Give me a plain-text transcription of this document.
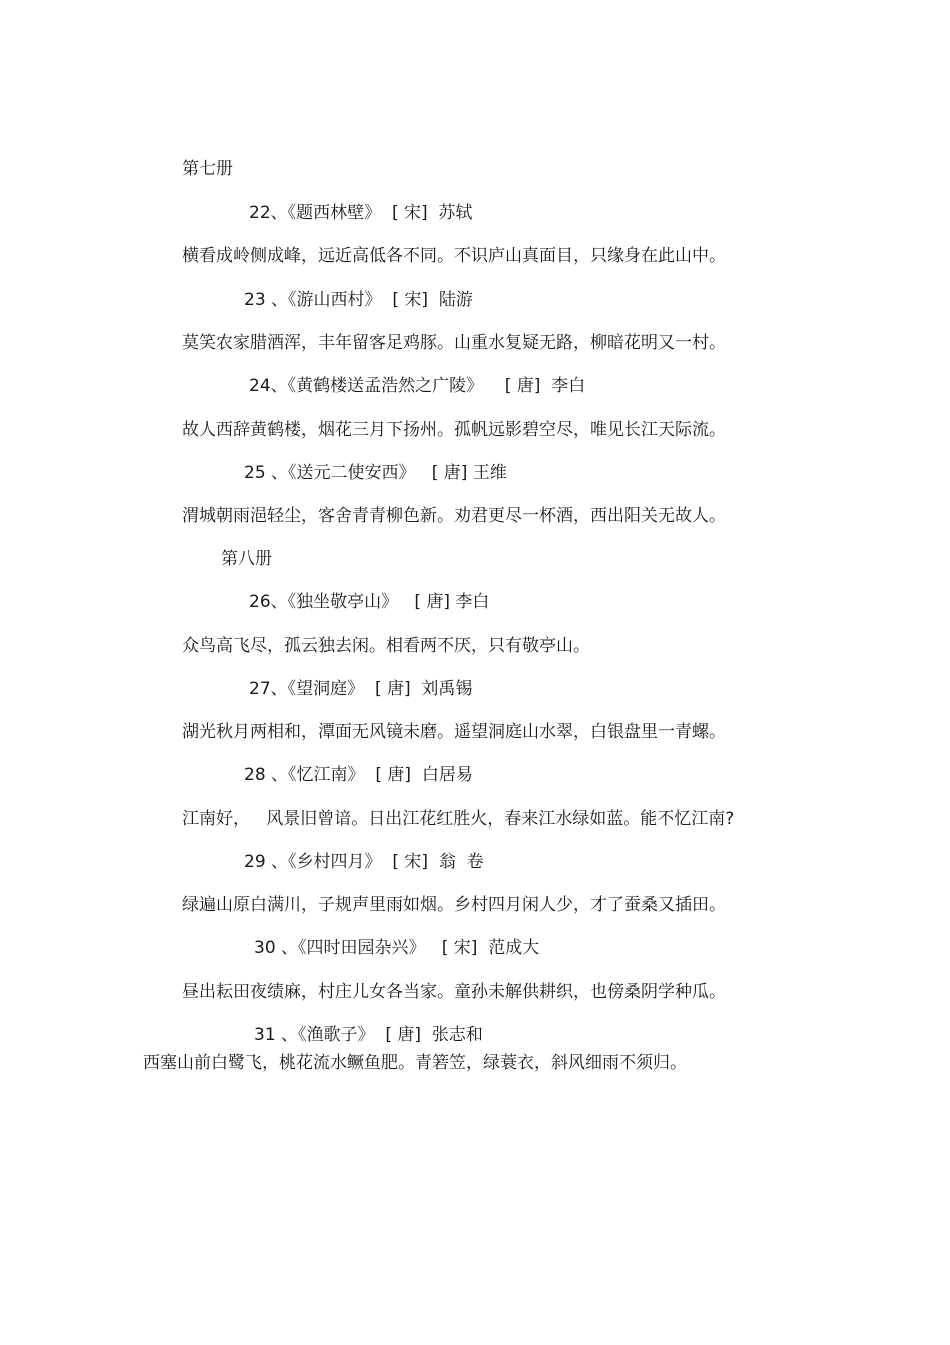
第七册

22、《题西林壁》  [ 宋]  苏轼

横看成岭侧成峰，远近高低各不同。不识庐山真面目，只缘身在此山中。

23 、《游山西村》  [ 宋]  陆游

莫笑农家腊酒浑，丰年留客足鸡豚。山重水复疑无路，柳暗花明又一村。

24、《黄鹤楼送孟浩然之广陵》    [ 唐]  李白

故人西辞黄鹤楼，烟花三月下扬州。孤帆远影碧空尽，唯见长江天际流。

25 、《送元二使安西》   [ 唐] 王维

渭城朝雨浥轻尘，客舍青青柳色新。劝君更尽一杯酒，西出阳关无故人。

第八册

26、《独坐敬亭山》   [ 唐] 李白

众鸟高飞尽，孤云独去闲。相看两不厌，只有敬亭山。

27、《望洞庭》  [ 唐]  刘禹锡

湖光秋月两相和，潭面无风镜未磨。遥望洞庭山水翠，白银盘里一青螺。

28 、《忆江南》  [ 唐]  白居易

江南好，   风景旧曾谙。日出江花红胜火，春来江水绿如蓝。能不忆江南?

29 、《乡村四月》  [ 宋]  翁  卷

绿遍山原白满川，子规声里雨如烟。乡村四月闲人少，才了蚕桑又插田。

30 、《四时田园杂兴》   [ 宋]  范成大

昼出耘田夜绩麻，村庄儿女各当家。童孙未解供耕织，也傍桑阴学种瓜。

31 、《渔歌子》  [ 唐]  张志和

西塞山前白鹭飞，桃花流水鳜鱼肥。青箬笠，绿蓑衣，斜风细雨不须归。
